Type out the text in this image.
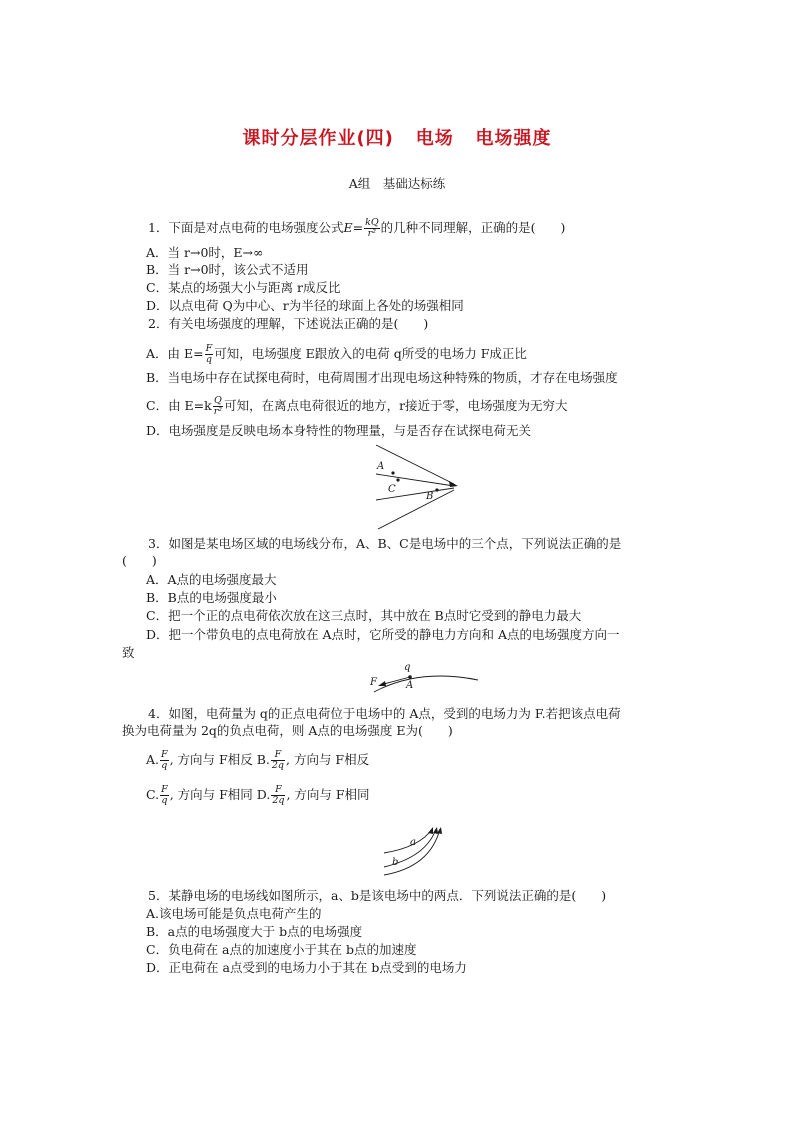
课时分层作业(四) 电场 电场强度
A组　基础达标练
1．下面是对点电荷的电场强度公式$E= \frac{kQ}{\text{r²}}$ 的几种不同理解，正确的是(　　)
A．当 r→0时，E→∞
B．当 r→0时，该公式不适用
C．某点的场强大小与距离 r成反比
D．以点电荷 Q为中心、r为半径的球面上各处的场强相同
2．有关电场强度的理解，下述说法正确的是(　　)
A．由 $E= \frac{F}{q}$ 可知，电场强度 E跟放入的电荷 q所受的电场力 F成正比
B．当电场中存在试探电荷时，电荷周围才出现电场这种特殊的物质，才存在电场强度
C．由 $E=k \frac{Q}{\text{r²}}$ 可知，在离点电荷很近的地方，r接近于零，电场强度为无穷大
D．电场强度是反映电场本身特性的物理量，与是否存在试探电荷无关
A
C
B
3．如图是某电场区域的电场线分布，A、B、C是电场中的三个点，下列说法正确的是
(　　)
A．A点的电场强度最大
B．B点的电场强度最小
C．把一个正的点电荷依次放在这三点时，其中放在 B点时它受到的静电力最大
D．把一个带负电的点电荷放在 A点时，它所受的静电力方向和 A点的电场强度方向一
致
q
F	A
4．如图，电荷量为 q的正点电荷位于电场中的 A点，受到的电场力为 F.若把该点电荷
换为电荷量为 2q的负点电荷，则 A点的电场强度 E为(　　)
A. $\frac{F}{q}$ , 方向与 F相反 B. $\frac{F}{2q}$ , 方向与 F相反
C. $\frac{F}{q}$ , 方向与 F相同 D. $\frac{F}{2q}$ , 方向与 F相同
a
b
5．某静电场的电场线如图所示，a、b是该电场中的两点．下列说法正确的是(　　)
A.该电场可能是负点电荷产生的
B．a点的电场强度大于 b点的电场强度
C．负电荷在 a点的加速度小于其在 b点的加速度
D．正电荷在 a点受到的电场力小于其在 b点受到的电场力
